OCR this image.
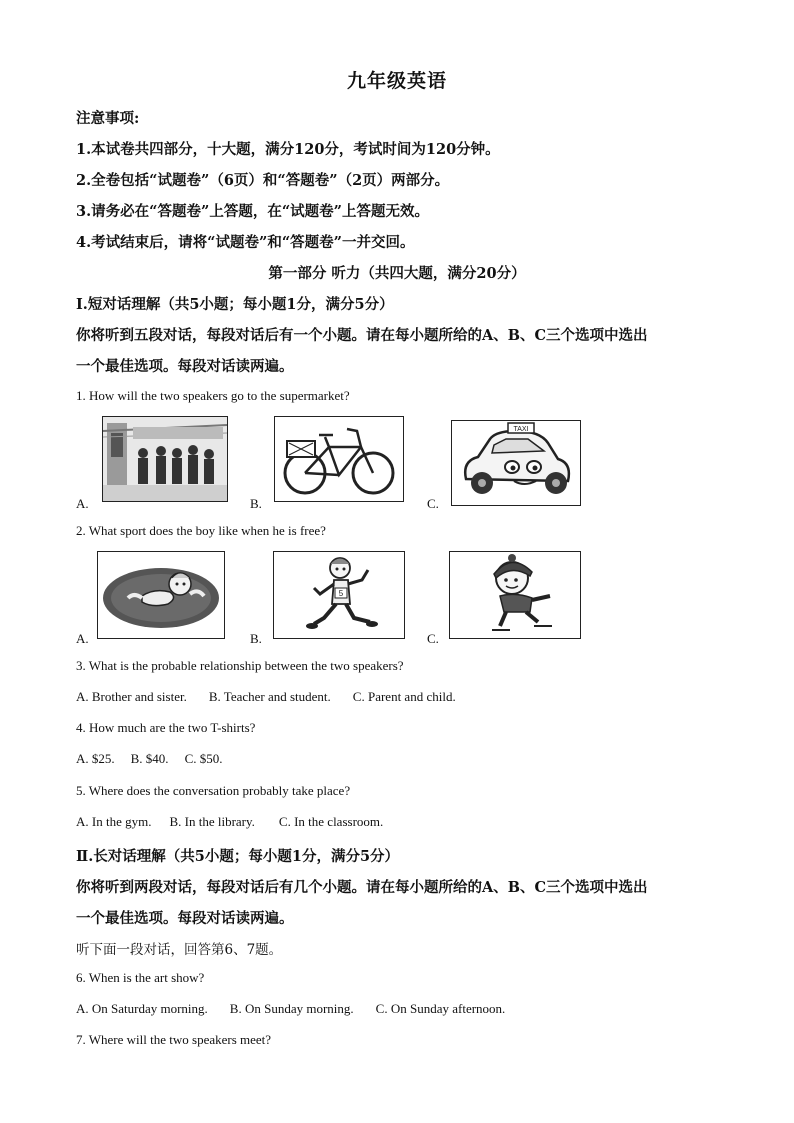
九年级英语
注意事项:
1.本试卷共四部分，十大题，满分120分，考试时间为120分钟。
2.全卷包括“试题卷”（6页）和“答题卷”（2页）两部分。
3.请务必在“答题卷”上答题，在“试题卷”上答题无效。
4.考试结束后，请将“试题卷”和“答题卷”一并交回。
第一部分 听力（共四大题，满分20分）
Ⅰ.短对话理解（共5小题；每小题1分，满分5分）
你将听到五段对话，每段对话后有一个小题。请在每小题所给的A、B、C三个选项中选出
一个最佳选项。每段对话读两遍。
1. How will the two speakers go to the supermarket?
A.	B.
TAXI
C.
2. What sport does the boy like when he is free?
A.
5
B.	C.
3. What is the probable relationship between the two speakers?
A. Brother and sister. B. Teacher and student. C. Parent and child.
4. How much are the two T-shirts?
A. $25. B. $40. C. $50.
5. Where does the conversation probably take place?
A. In the gym. B. In the library. C. In the classroom.
Ⅱ.长对话理解（共5小题；每小题1分，满分5分）
你将听到两段对话，每段对话后有几个小题。请在每小题所给的A、B、C三个选项中选出
一个最佳选项。每段对话读两遍。
听下面一段对话，回答第6、7题。
6. When is the art show?
A. On Saturday morning. B. On Sunday morning. C. On Sunday afternoon.
7. Where will the two speakers meet?
